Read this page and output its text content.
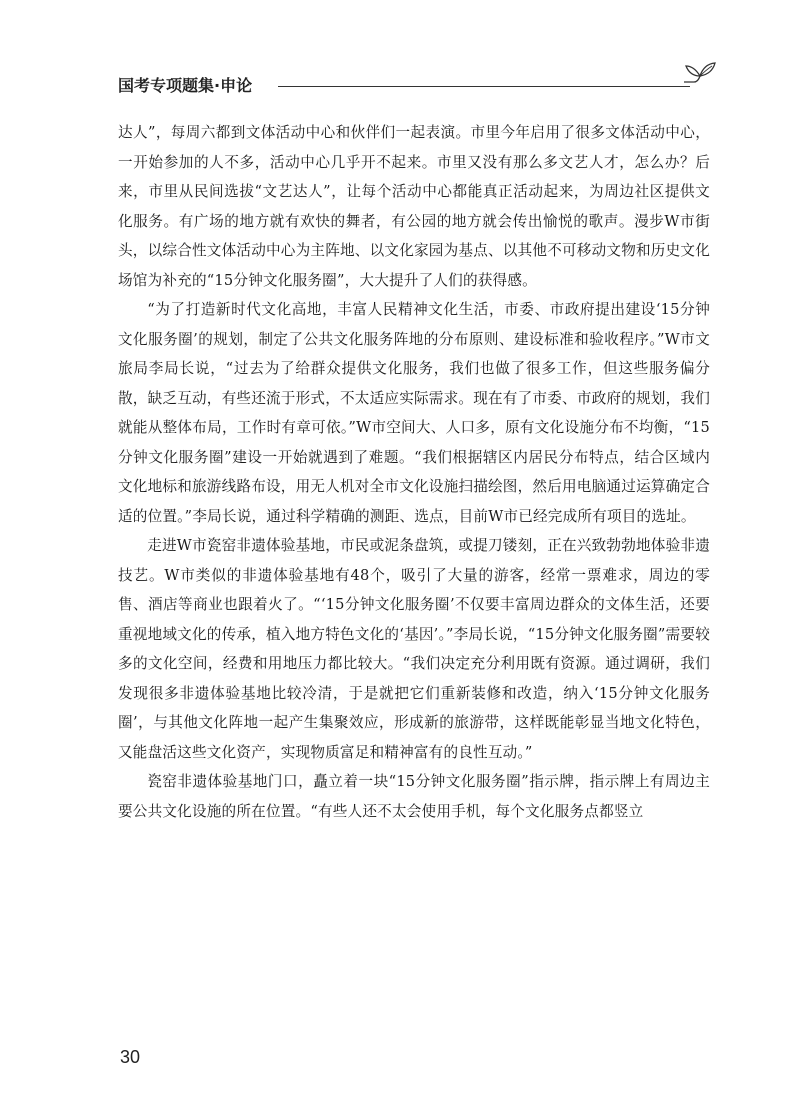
国考专项题集·申论

达人”，每周六都到文体活动中心和伙伴们一起表演。市里今年启用了很多文体活动中心，一开始参加的人不多，活动中心几乎开不起来。市里又没有那么多文艺人才，怎么办？后来，市里从民间选拔“文艺达人”，让每个活动中心都能真正活动起来，为周边社区提供文化服务。有广场的地方就有欢快的舞者，有公园的地方就会传出愉悦的歌声。漫步W市街头，以综合性文体活动中心为主阵地、以文化家园为基点、以其他不可移动文物和历史文化场馆为补充的“15分钟文化服务圈”，大大提升了人们的获得感。

“为了打造新时代文化高地，丰富人民精神文化生活，市委、市政府提出建设‘15分钟文化服务圈’的规划，制定了公共文化服务阵地的分布原则、建设标准和验收程序。”W市文旅局李局长说，“过去为了给群众提供文化服务，我们也做了很多工作，但这些服务偏分散，缺乏互动，有些还流于形式，不太适应实际需求。现在有了市委、市政府的规划，我们就能从整体布局，工作时有章可依。”W市空间大、人口多，原有文化设施分布不均衡，“15分钟文化服务圈”建设一开始就遇到了难题。“我们根据辖区内居民分布特点，结合区域内文化地标和旅游线路布设，用无人机对全市文化设施扫描绘图，然后用电脑通过运算确定合适的位置。”李局长说，通过科学精确的测距、选点，目前W市已经完成所有项目的选址。

走进W市瓷窑非遗体验基地，市民或泥条盘筑，或提刀镂刻，正在兴致勃勃地体验非遗技艺。W市类似的非遗体验基地有48个，吸引了大量的游客，经常一票难求，周边的零售、酒店等商业也跟着火了。“‘15分钟文化服务圈’不仅要丰富周边群众的文体生活，还要重视地域文化的传承，植入地方特色文化的‘基因’。”李局长说，“15分钟文化服务圈”需要较多的文化空间，经费和用地压力都比较大。“我们决定充分利用既有资源。通过调研，我们发现很多非遗体验基地比较冷清，于是就把它们重新装修和改造，纳入‘15分钟文化服务圈’，与其他文化阵地一起产生集聚效应，形成新的旅游带，这样既能彰显当地文化特色，又能盘活这些文化资产，实现物质富足和精神富有的良性互动。”

瓷窑非遗体验基地门口，矗立着一块“15分钟文化服务圈”指示牌，指示牌上有周边主要公共文化设施的所在位置。“有些人还不太会使用手机，每个文化服务点都竖立

30
